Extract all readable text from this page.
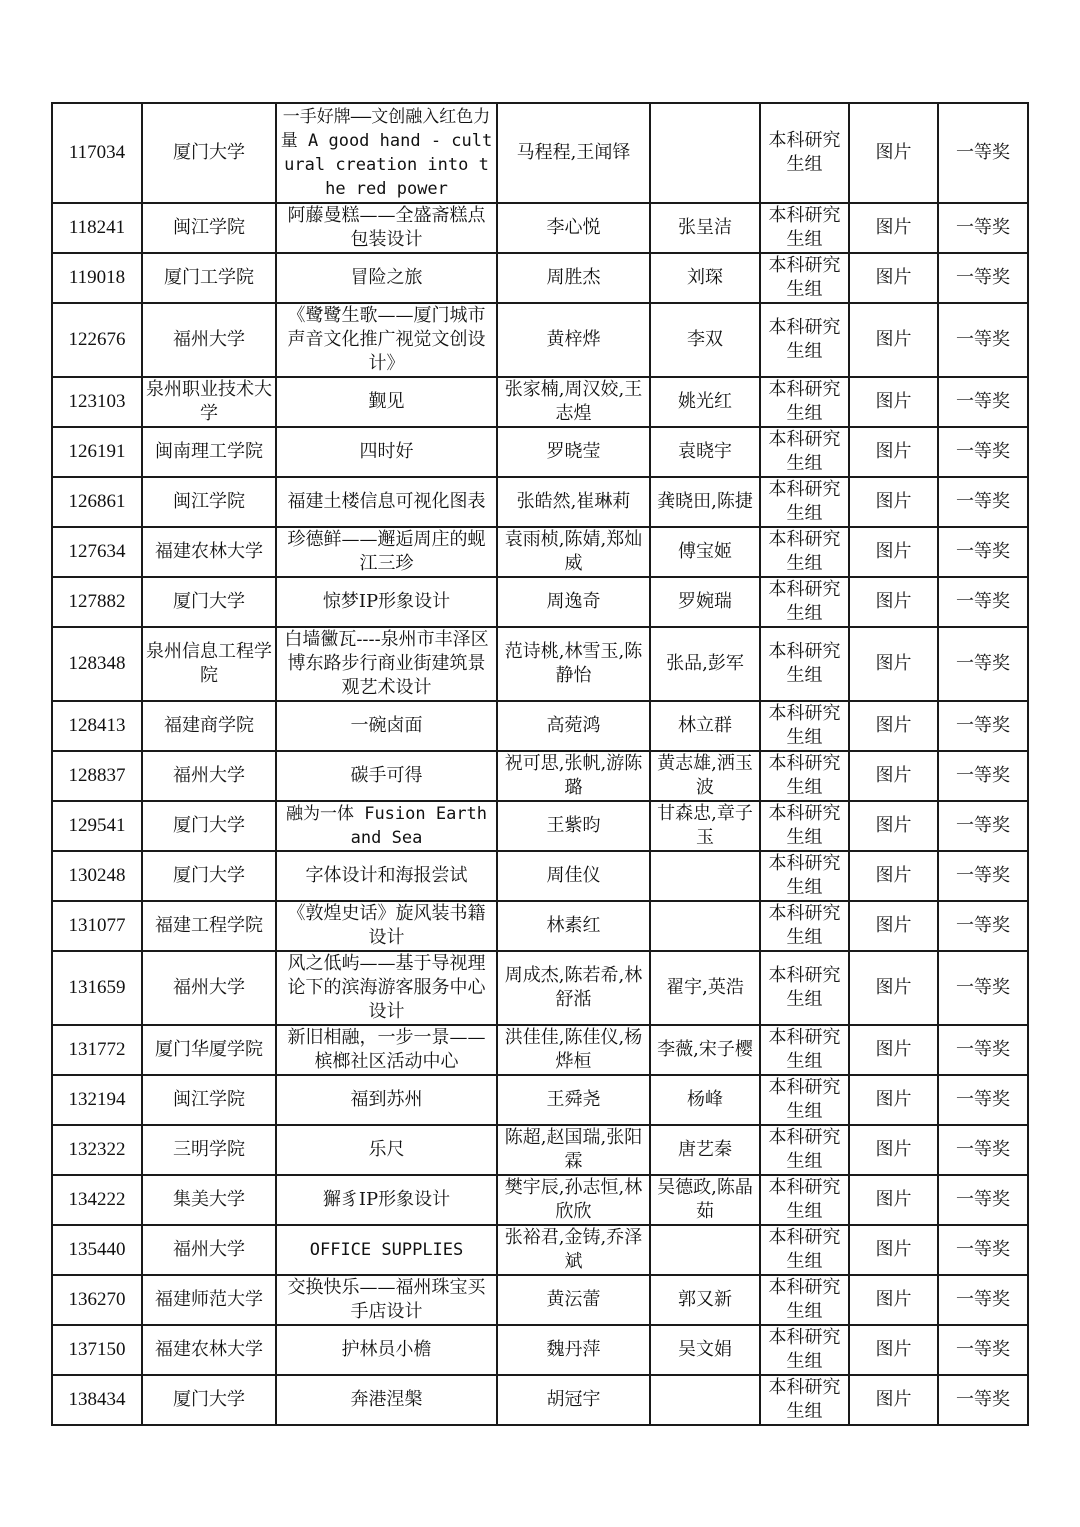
117034	厦门大学	一手好牌——文创融入红色力量 A good hand - cultural creation into the red power	马程程,王闻铎		本科研究生组	图片	一等奖
118241	闽江学院	阿藤曼糕——全盛斋糕点包装设计	李心悦	张呈洁	本科研究生组	图片	一等奖
119018	厦门工学院	冒险之旅	周胜杰	刘琛	本科研究生组	图片	一等奖
122676	福州大学	《鹭鹭生歌——厦门城市声音文化推广视觉文创设计》	黄梓烨	李双	本科研究生组	图片	一等奖
123103	泉州职业技术大学	觐见	张家楠,周汉姣,王志煌	姚光红	本科研究生组	图片	一等奖
126191	闽南理工学院	四时好	罗晓莹	袁晓宇	本科研究生组	图片	一等奖
126861	闽江学院	福建土楼信息可视化图表	张皓然,崔琳莉	龚晓田,陈捷	本科研究生组	图片	一等奖
127634	福建农林大学	珍德鲜——邂逅周庄的蚬江三珍	袁雨桢,陈婧,郑灿威	傅宝姬	本科研究生组	图片	一等奖
127882	厦门大学	惊梦IP形象设计	周逸奇	罗婉瑞	本科研究生组	图片	一等奖
128348	泉州信息工程学院	白墙黴瓦----泉州市丰泽区博东路步行商业街建筑景观艺术设计	范诗桃,林雪玉,陈静怡	张品,彭军	本科研究生组	图片	一等奖
128413	福建商学院	一碗卤面	高菀鸿	林立群	本科研究生组	图片	一等奖
128837	福州大学	碳手可得	祝可思,张帆,游陈璐	黄志雄,洒玉波	本科研究生组	图片	一等奖
129541	厦门大学	融为一体 Fusion Earth and Sea	王紫昀	甘森忠,章子玉	本科研究生组	图片	一等奖
130248	厦门大学	字体设计和海报尝试	周佳仪		本科研究生组	图片	一等奖
131077	福建工程学院	《敦煌史话》旋风装书籍设计	林素红		本科研究生组	图片	一等奖
131659	福州大学	风之低屿——基于导视理论下的滨海游客服务中心设计	周成杰,陈若希,林舒湉	翟宇,英浩	本科研究生组	图片	一等奖
131772	厦门华厦学院	新旧相融，一步一景——槟榔社区活动中心	洪佳佳,陈佳仪,杨烨桓	李薇,宋子樱	本科研究生组	图片	一等奖
132194	闽江学院	福到苏州	王舜尧	杨峰	本科研究生组	图片	一等奖
132322	三明学院	乐尺	陈超,赵国瑞,张阳霖	唐艺秦	本科研究生组	图片	一等奖
134222	集美大学	獬豸IP形象设计	樊宇辰,孙志恒,林欣欣	吴德政,陈晶茹	本科研究生组	图片	一等奖
135440	福州大学	OFFICE SUPPLIES	张裕君,金铸,乔泽斌		本科研究生组	图片	一等奖
136270	福建师范大学	交换快乐——福州珠宝买手店设计	黄沄蕾	郭又新	本科研究生组	图片	一等奖
137150	福建农林大学	护林员小檐	魏丹萍	吴文娟	本科研究生组	图片	一等奖
138434	厦门大学	奔港涅槃	胡冠宇		本科研究生组	图片	一等奖
